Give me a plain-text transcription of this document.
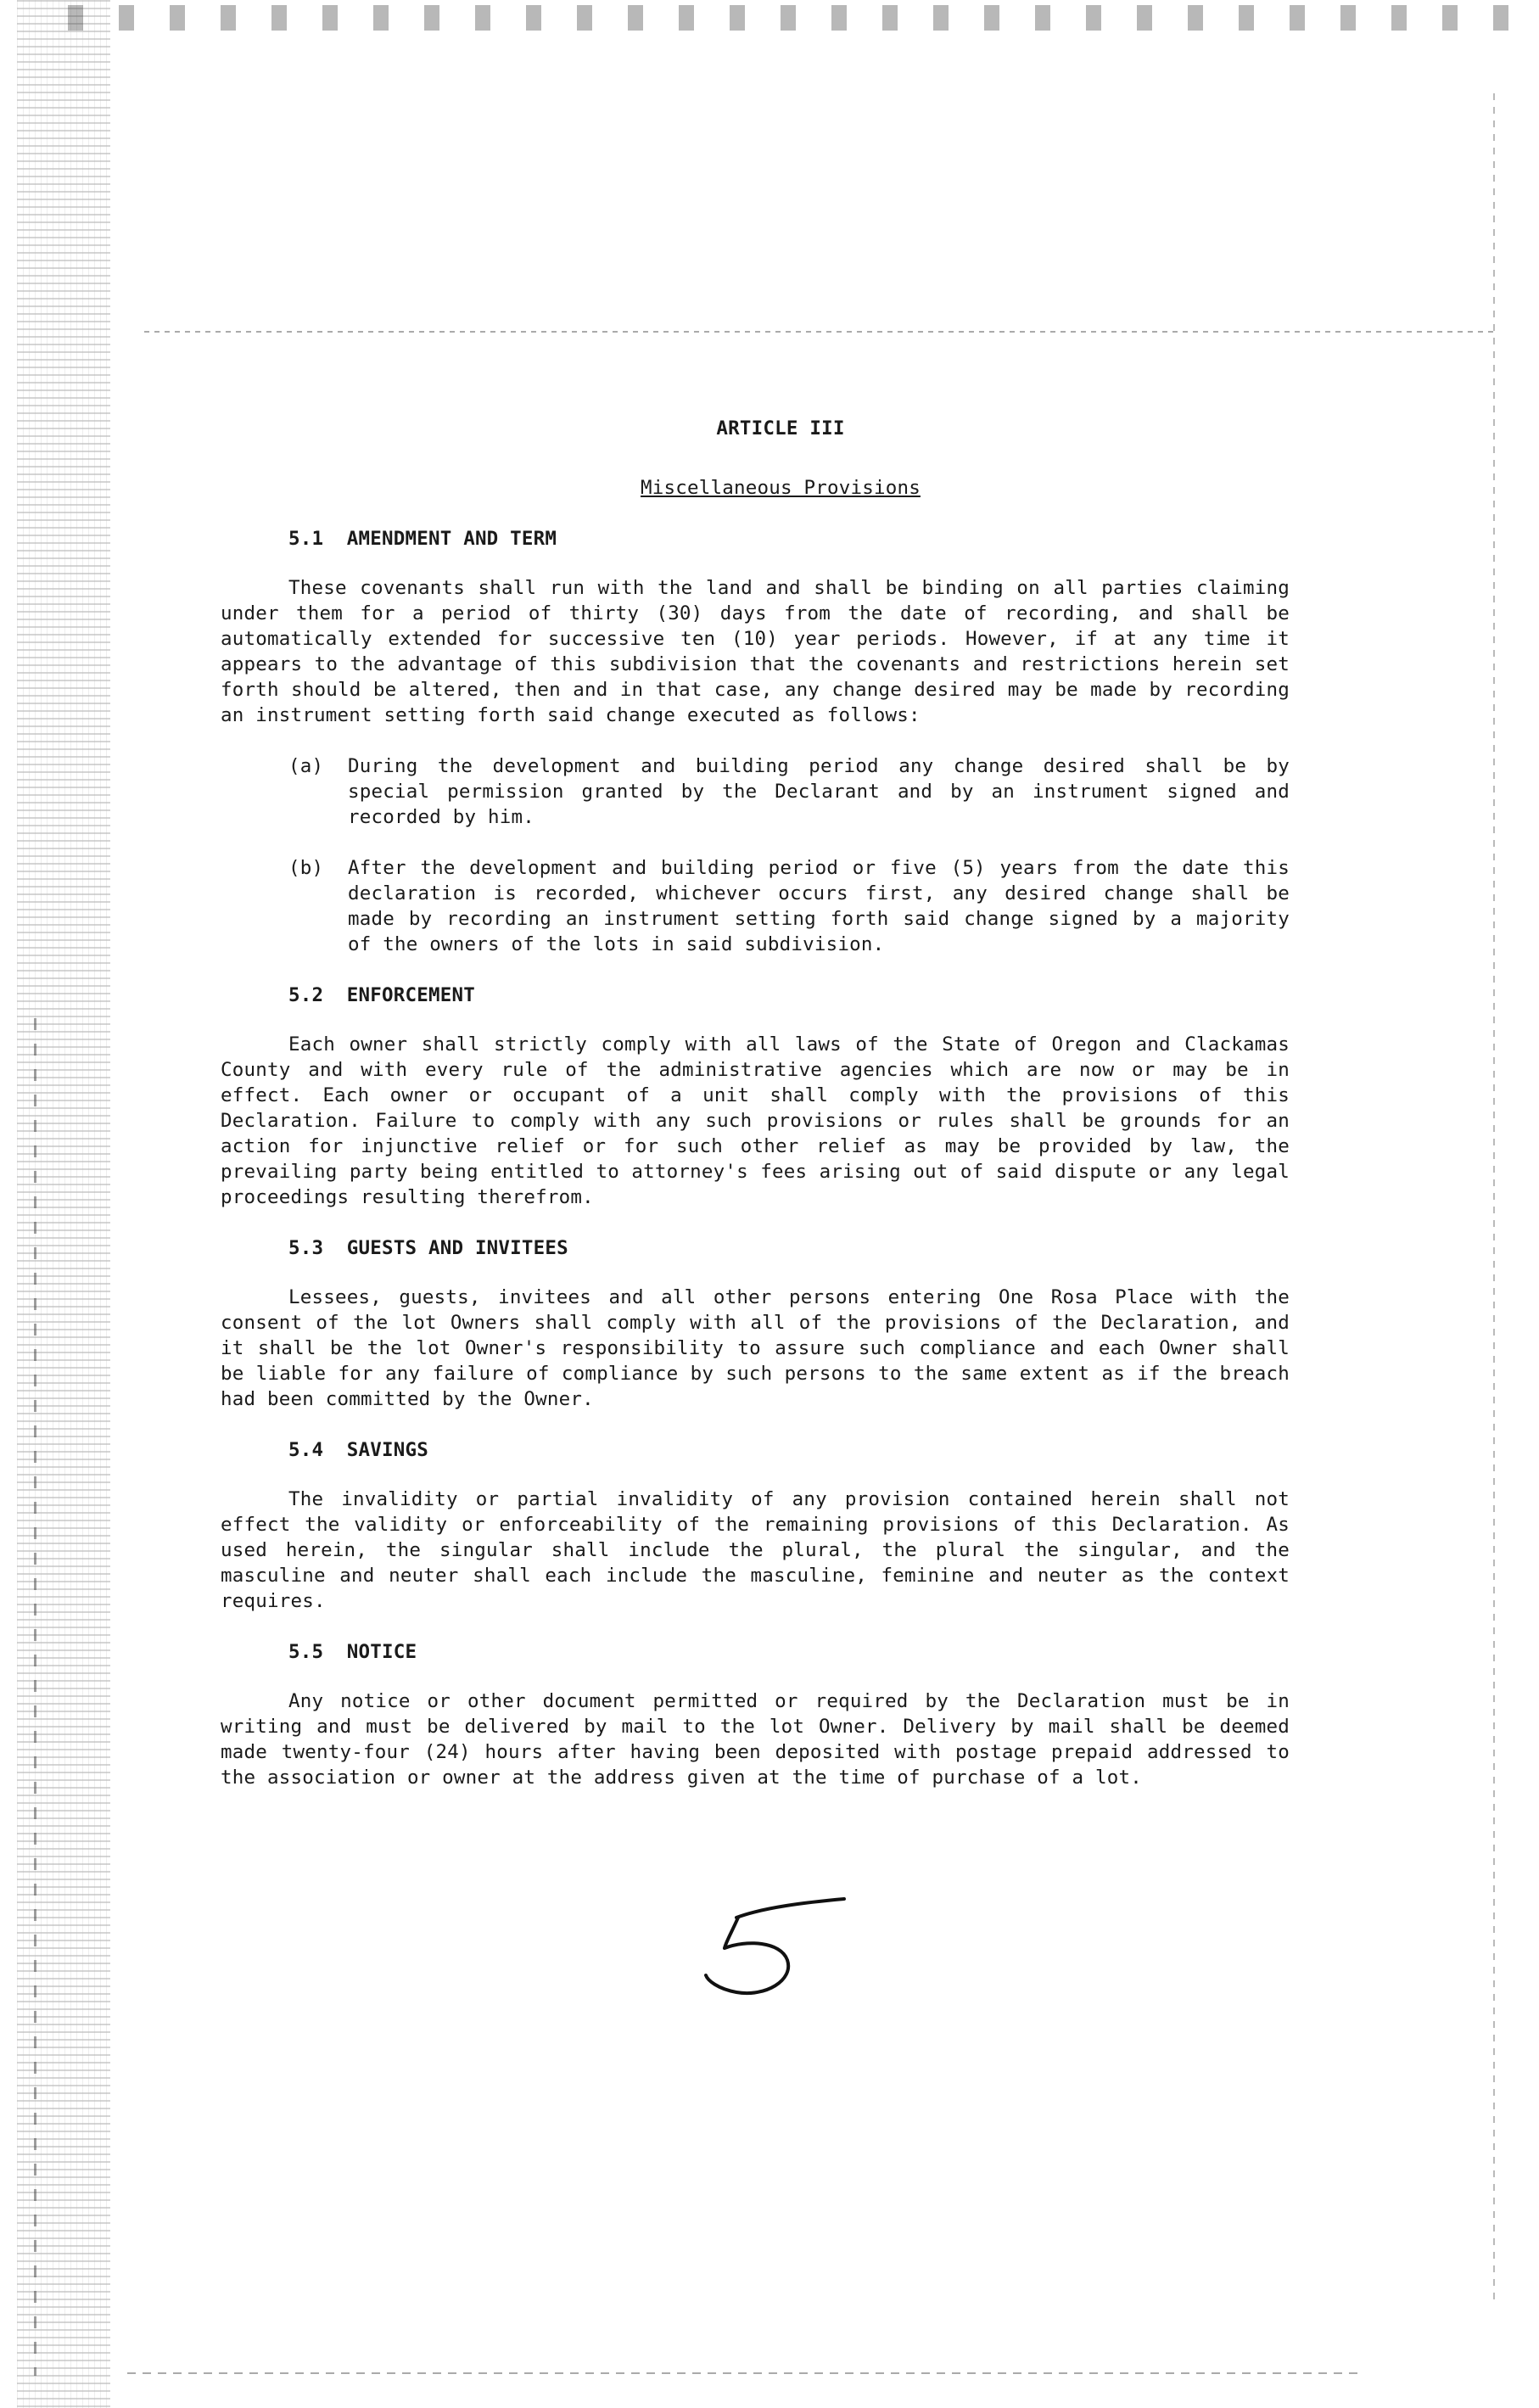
ARTICLE III

Miscellaneous Provisions

5.1  AMENDMENT AND TERM

These covenants shall run with the land and shall be binding on all parties claiming under them for a period of thirty (30) days from the date of recording, and shall be automatically extended for successive ten (10) year periods. However, if at any time it appears to the advantage of this subdivision that the covenants and restrictions herein set forth should be altered, then and in that case, any change desired may be made by recording an instrument setting forth said change executed as follows:

(a)	During the development and building period any change desired shall be by special permission granted by the Declarant and by an instrument signed and recorded by him.
(b)	After the development and building period or five (5) years from the date this declaration is recorded, whichever occurs first, any desired change shall be made by recording an instrument setting forth said change signed by a majority of the owners of the lots in said subdivision.

5.2  ENFORCEMENT

Each owner shall strictly comply with all laws of the State of Oregon and Clackamas County and with every rule of the administrative agencies which are now or may be in effect. Each owner or occupant of a unit shall comply with the provisions of this Declaration. Failure to comply with any such provisions or rules shall be grounds for an action for injunctive relief or for such other relief as may be provided by law, the prevailing party being entitled to attorney's fees arising out of said dispute or any legal proceedings resulting therefrom.

5.3  GUESTS AND INVITEES

Lessees, guests, invitees and all other persons entering One Rosa Place with the consent of the lot Owners shall comply with all of the provisions of the Declaration, and it shall be the lot Owner's responsibility to assure such compliance and each Owner shall be liable for any failure of compliance by such persons to the same extent as if the breach had been committed by the Owner.

5.4  SAVINGS

The invalidity or partial invalidity of any provision contained herein shall not effect the validity or enforceability of the remaining provisions of this Declaration. As used herein, the singular shall include the plural, the plural the singular, and the masculine and neuter shall each include the masculine, feminine and neuter as the context requires.

5.5  NOTICE

Any notice or other document permitted or required by the Declaration must be in writing and must be delivered by mail to the lot Owner. Delivery by mail shall be deemed made twenty-four (24) hours after having been deposited with postage prepaid addressed to the association or owner at the address given at the time of purchase of a lot.
